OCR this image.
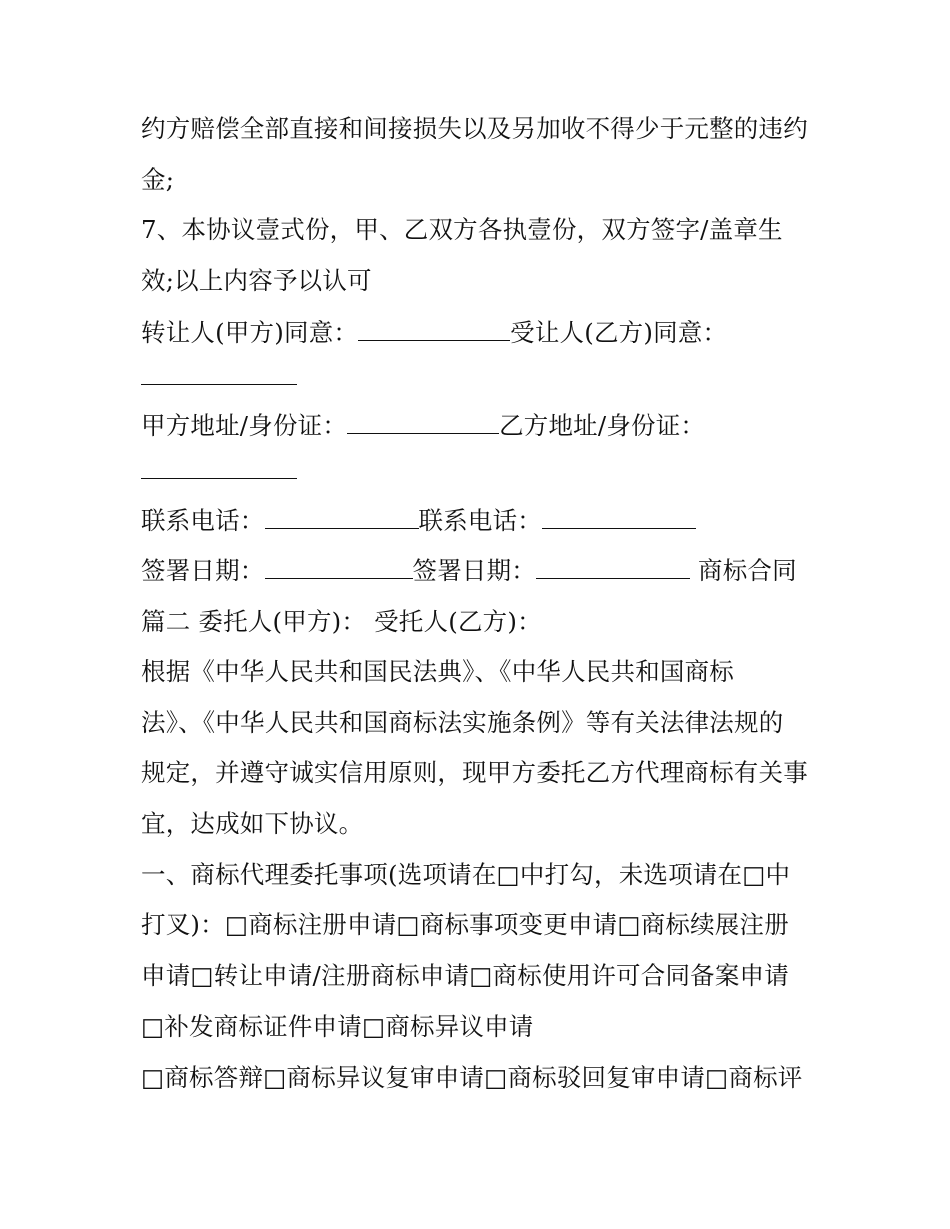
约方赔偿全部直接和间接损失以及另加收不得少于元整的违约
金;
7、本协议壹式份，甲、乙双方各执壹份，双方签字/盖章生
效;以上内容予以认可
转让人(甲方)同意：	受让人(乙方)同意：
甲方地址/身份证：	乙方地址/身份证：
联系电话：	联系电话：
签署日期：	签署日期：	商标合同
篇二 委托人(甲方)： 受托人(乙方)：
根据《中华人民共和国民法典》、《中华人民共和国商标
法》、《中华人民共和国商标法实施条例》等有关法律法规的
规定，并遵守诚实信用原则，现甲方委托乙方代理商标有关事
宜，达成如下协议。
一、商标代理委托事项(选项请在□中打勾，未选项请在□中
打叉)：□商标注册申请□商标事项变更申请□商标续展注册
申请□转让申请/注册商标申请□商标使用许可合同备案申请
□补发商标证件申请□商标异议申请
□商标答辩□商标异议复审申请□商标驳回复审申请□商标评
